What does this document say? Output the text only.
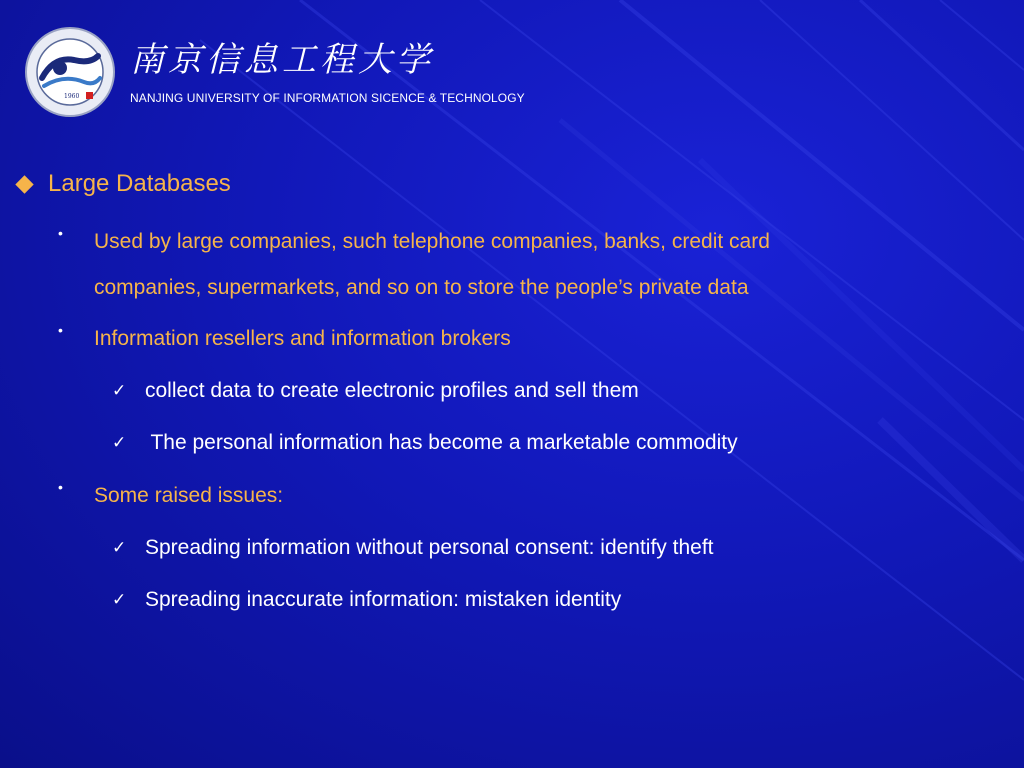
1960
南京信息工程大学
NANJING UNIVERSITY OF INFORMATION SICENCE & TECHNOLOGY
Large Databases
•	Used by large companies, such telephone companies, banks, credit card
companies, supermarkets, and so on to store the people’s private data
•	Information resellers and information brokers
✓ collect data to create electronic profiles and sell them
✓ The personal information has become a marketable commodity
•	Some raised issues:
✓ Spreading information without personal consent: identify theft
✓ Spreading inaccurate information: mistaken identity
